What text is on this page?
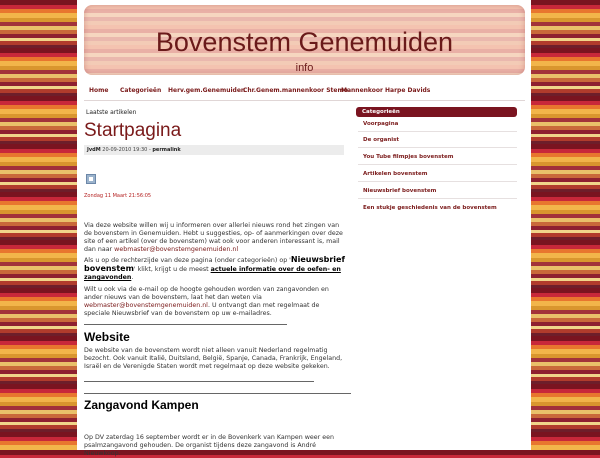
Bovenstem Genemuiden
info
Home Categorieën Herv.gem.Genemuiden
Chr.Genem.mannenkoor Stemo
Mannenkoor Harpe Davids
Laatste artikelen
Startpagina
JvdM 20-09-2010 19:30 - permalink
Zondag 11 Maart 21:56:05
Via deze website willen wij u informeren over allerlei nieuws rond het zingen van de bovenstem in Genemuiden. Hebt u suggesties, op- of aanmerkingen over deze site of een artikel (over de bovenstem) wat ook voor anderen interessant is, mail dan naar webmaster@bovenstemgenemuiden.nl
Als u op de rechterzijde van deze pagina (onder categorieën) op 'Nieuwsbrief bovenstem' klikt, krijgt u de meest actuele informatie over de oefen- en zangavonden.
Wilt u ook via de e-mail op de hoogte gehouden worden van zangavonden en ander nieuws van de bovenstem, laat het dan weten via webmaster@bovenstemgenemuiden.nl. U ontvangt dan met regelmaat de speciale Nieuwsbrief van de bovenstem op uw e-mailadres.
Website
De website van de bovenstem wordt niet alleen vanuit Nederland regelmatig bezocht. Ook vanuit Italië, Duitsland, België, Spanje, Canada, Frankrijk, Engeland, Israël en de Verenigde Staten wordt met regelmaat op deze website gekeken.
Zangavond Kampen
Op DV zaterdag 16 september wordt er in de Bovenkerk van Kampen weer een psalmzangavond gehouden. De organist tijdens deze zangavond is André Nieuwkoop.
Categorieën
Voorpagina
De organist
You Tube filmpjes bovenstem
Artikelen bovenstem
Nieuwsbrief bovenstem
Een stukje geschiedenis van de bovenstem
